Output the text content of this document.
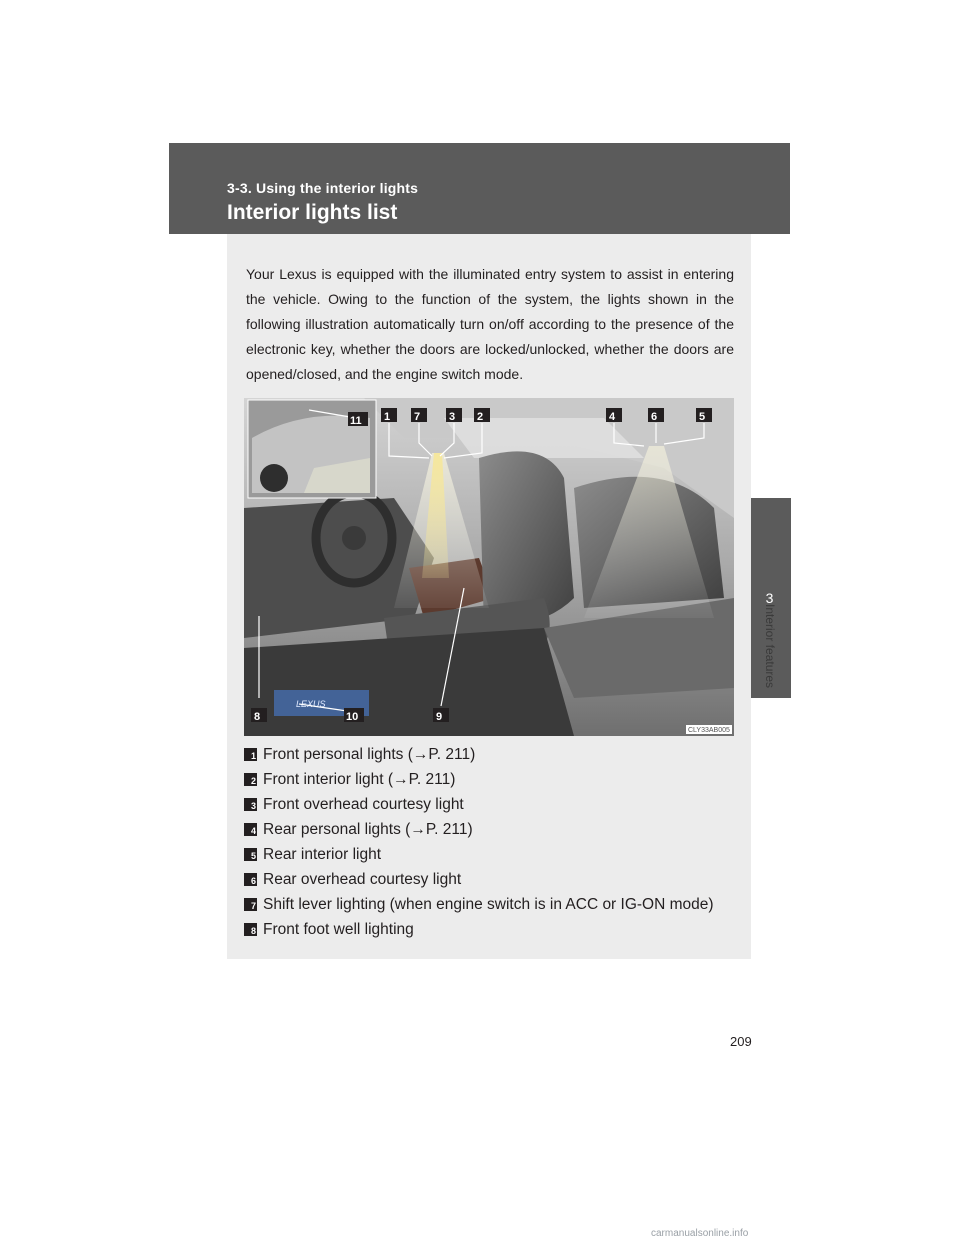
3-3. Using the interior lights
Interior lights list
3
Interior features

Your Lexus is equipped with the illuminated entry system to assist in entering the vehicle. Owing to the function of the system, the lights shown in the following illustration automatically turn on/off according to the presence of the electronic key, whether the doors are locked/unlocked, whether the doors are opened/closed, and the engine switch mode.

LEXUS
1 7	3 2	4	6	5
11
8	10	9
CLY33AB005
1 Front personal lights (→P. 211)
2 Front interior light (→P. 211)
3 Front overhead courtesy light
4 Rear personal lights (→P. 211)
5 Rear interior light
6 Rear overhead courtesy light
7 Shift lever lighting (when engine switch is in ACC or IG-ON mode)
8 Front foot well lighting
209
carmanualsonline.info
